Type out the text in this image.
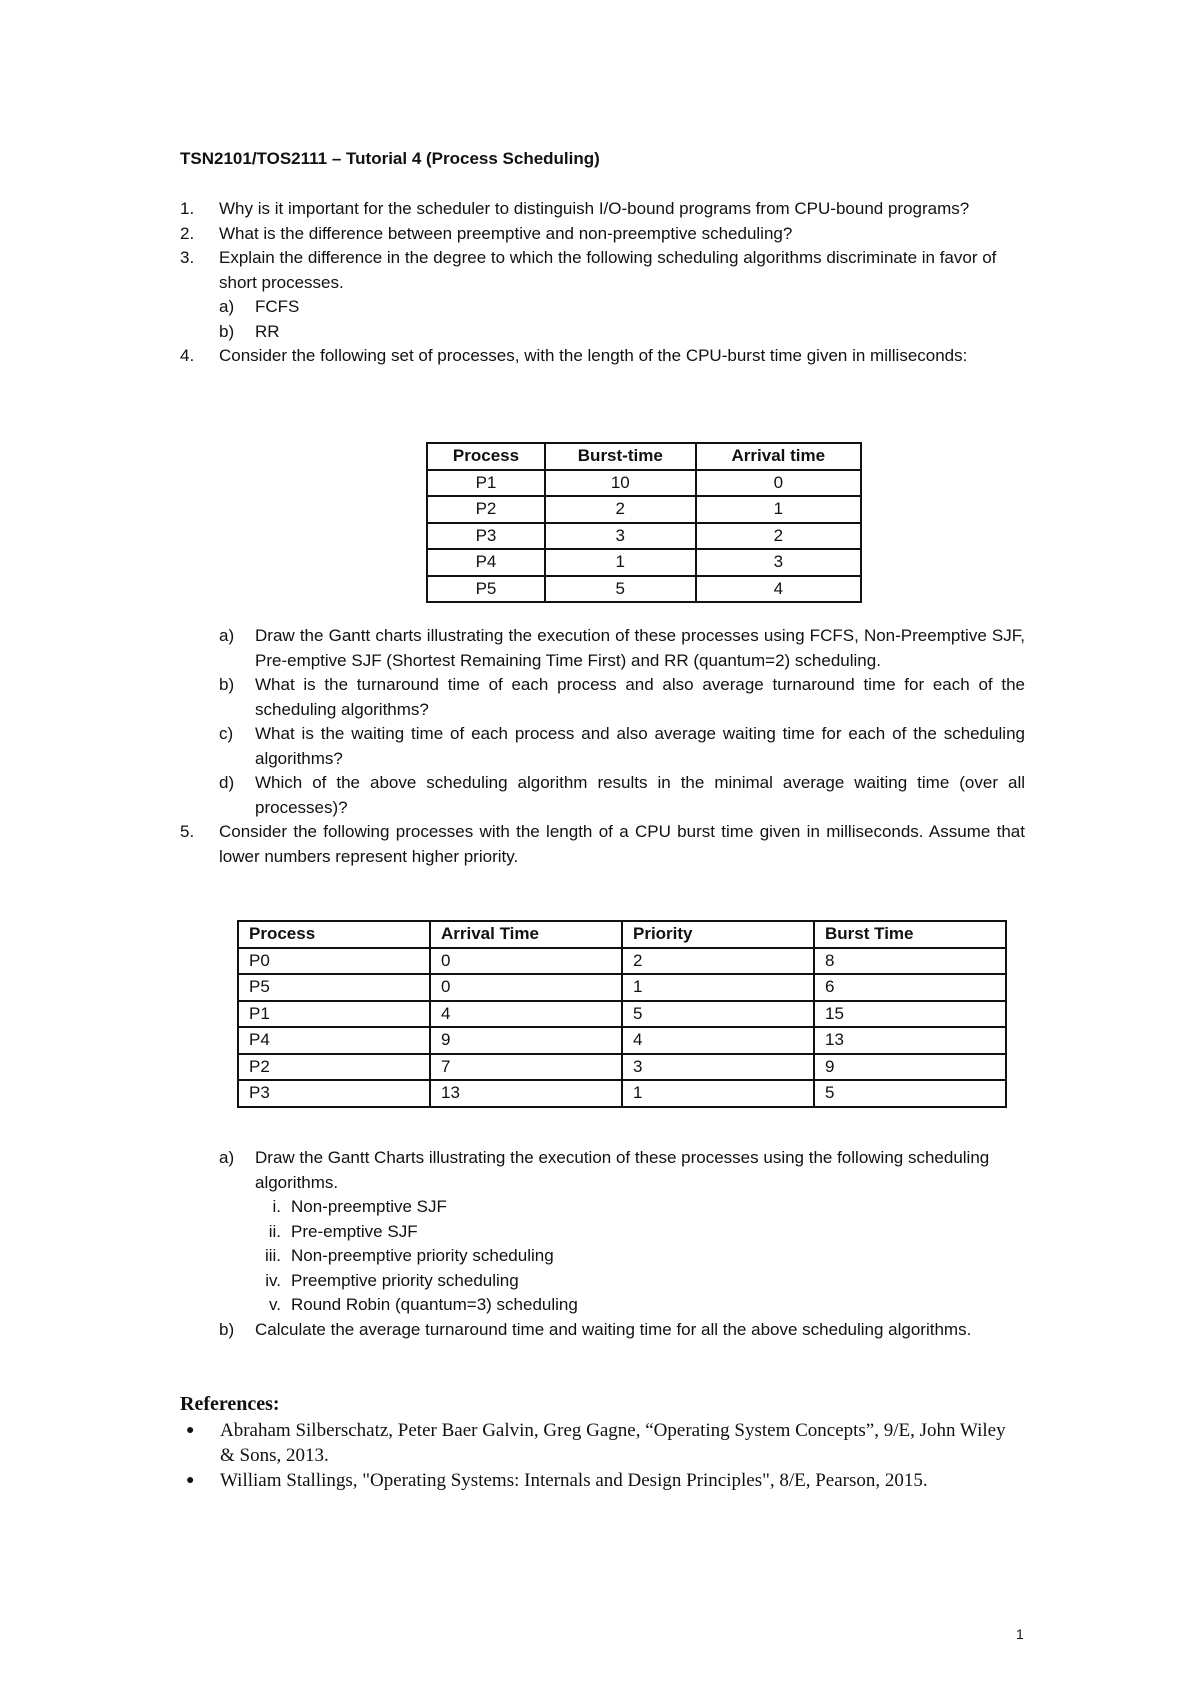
TSN2101/TOS2111 – Tutorial 4 (Process Scheduling)
1. Why is it important for the scheduler to distinguish I/O-bound programs from CPU-bound programs?
2. What is the difference between preemptive and non-preemptive scheduling?
3. Explain the difference in the degree to which the following scheduling algorithms discriminate in favor of short processes.
a) FCFS
b) RR
4. Consider the following set of processes, with the length of the CPU-burst time given in milliseconds:
Process	Burst-time	Arrival time
P1	10	0
P2	2	1
P3	3	2
P4	1	3
P5	5	4
a) Draw the Gantt charts illustrating the execution of these processes using FCFS, Non-Preemptive SJF, Pre-emptive SJF (Shortest Remaining Time First) and RR (quantum=2) scheduling.
b) What is the turnaround time of each process and also average turnaround time for each of the scheduling algorithms?
c) What is the waiting time of each process and also average waiting time for each of the scheduling algorithms?
d) Which of the above scheduling algorithm results in the minimal average waiting time (over all processes)?
5. Consider the following processes with the length of a CPU burst time given in milliseconds. Assume that lower numbers represent higher priority.
Process	Arrival Time	Priority	Burst Time
P0	0	2	8
P5	0	1	6
P1	4	5	15
P4	9	4	13
P2	7	3	9
P3	13	1	5
a) Draw the Gantt Charts illustrating the execution of these processes using the following scheduling algorithms.
i. Non-preemptive SJF
ii. Pre-emptive SJF
iii. Non-preemptive priority scheduling
iv. Preemptive priority scheduling
v. Round Robin (quantum=3) scheduling
b) Calculate the average turnaround time and waiting time for all the above scheduling algorithms.
References:
● Abraham Silberschatz, Peter Baer Galvin, Greg Gagne, “Operating System Concepts”, 9/E, John Wiley & Sons, 2013.
● William Stallings, "Operating Systems: Internals and Design Principles", 8/E, Pearson, 2015.
1
